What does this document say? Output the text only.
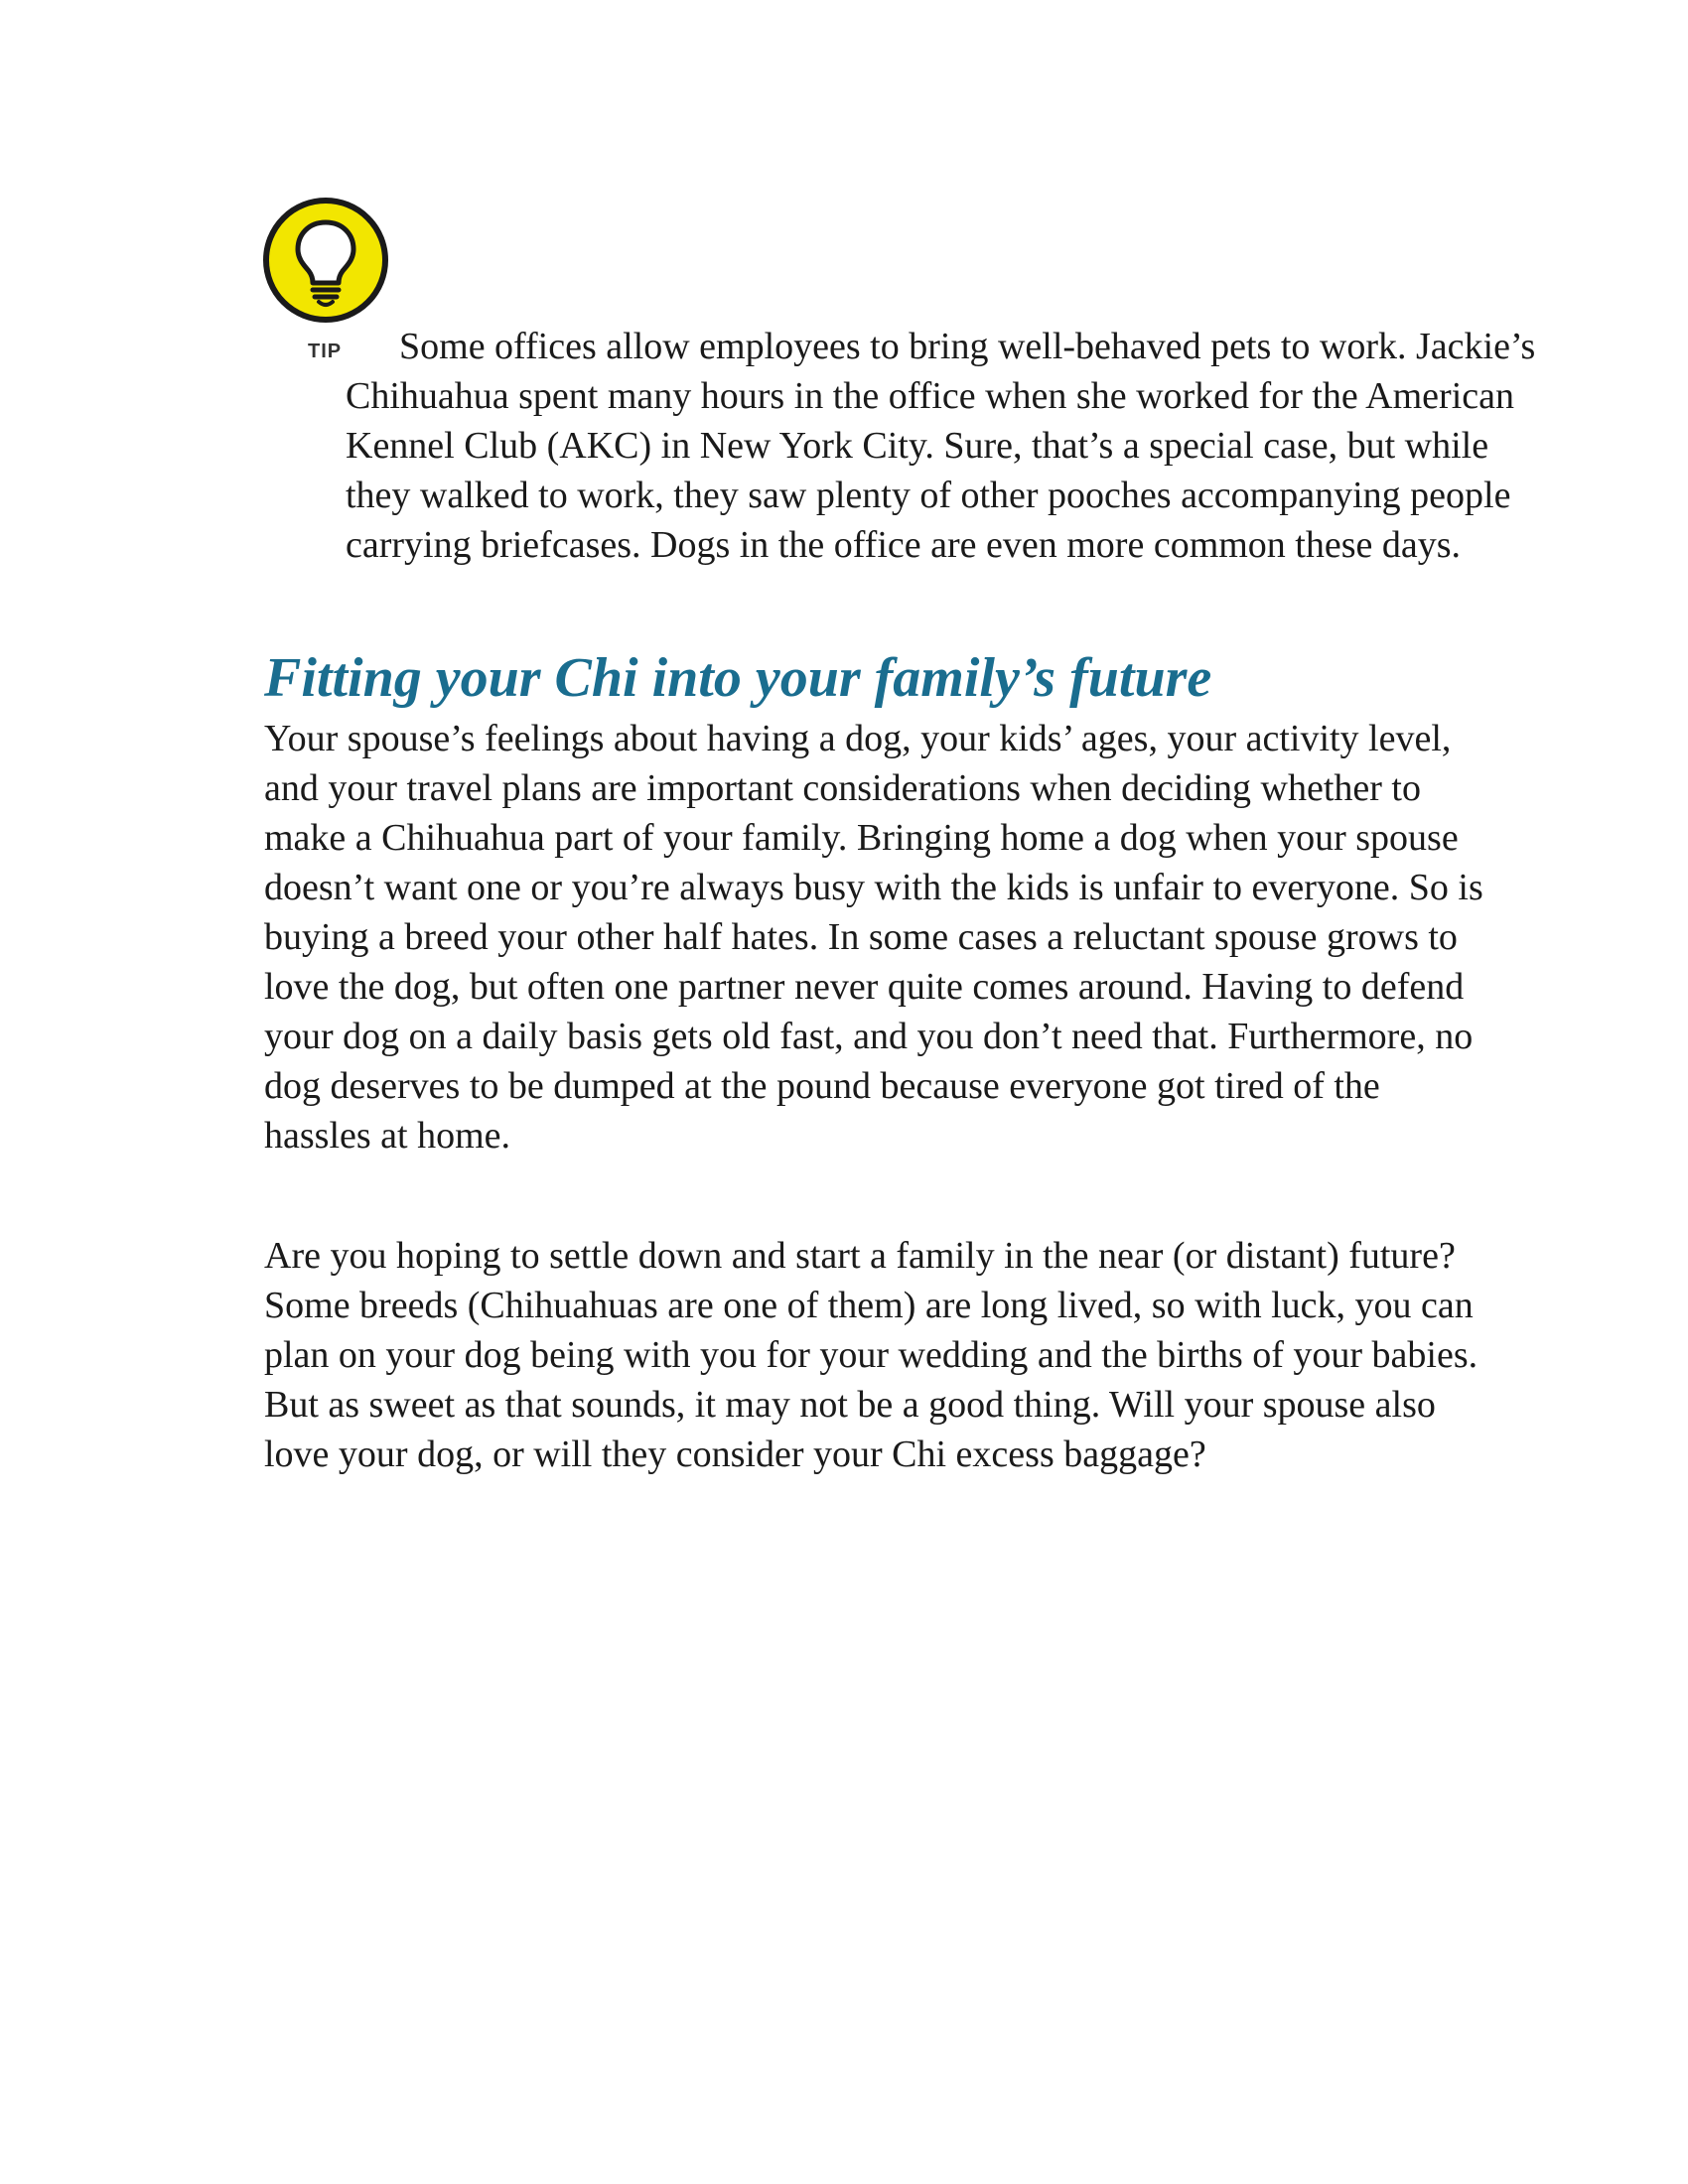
TIP	Some offices allow employees to bring well-behaved pets to work. Jackie’s Chihuahua spent many hours in the office when she worked for the American Kennel Club (AKC) in New York City. Sure, that’s a special case, but while they walked to work, they saw plenty of other pooches accompanying people carrying briefcases. Dogs in the office are even more common these days.

Fitting your Chi into your family’s future

Your spouse’s feelings about having a dog, your kids’ ages, your activity level, and your travel plans are important considerations when deciding whether to make a Chihuahua part of your family. Bringing home a dog when your spouse doesn’t want one or you’re always busy with the kids is unfair to everyone. So is buying a breed your other half hates. In some cases a reluctant spouse grows to love the dog, but often one partner never quite comes around. Having to defend your dog on a daily basis gets old fast, and you don’t need that. Furthermore, no dog deserves to be dumped at the pound because everyone got tired of the hassles at home.

Are you hoping to settle down and start a family in the near (or distant) future? Some breeds (Chihuahuas are one of them) are long lived, so with luck, you can plan on your dog being with you for your wedding and the births of your babies. But as sweet as that sounds, it may not be a good thing. Will your spouse also love your dog, or will they consider your Chi excess baggage?
